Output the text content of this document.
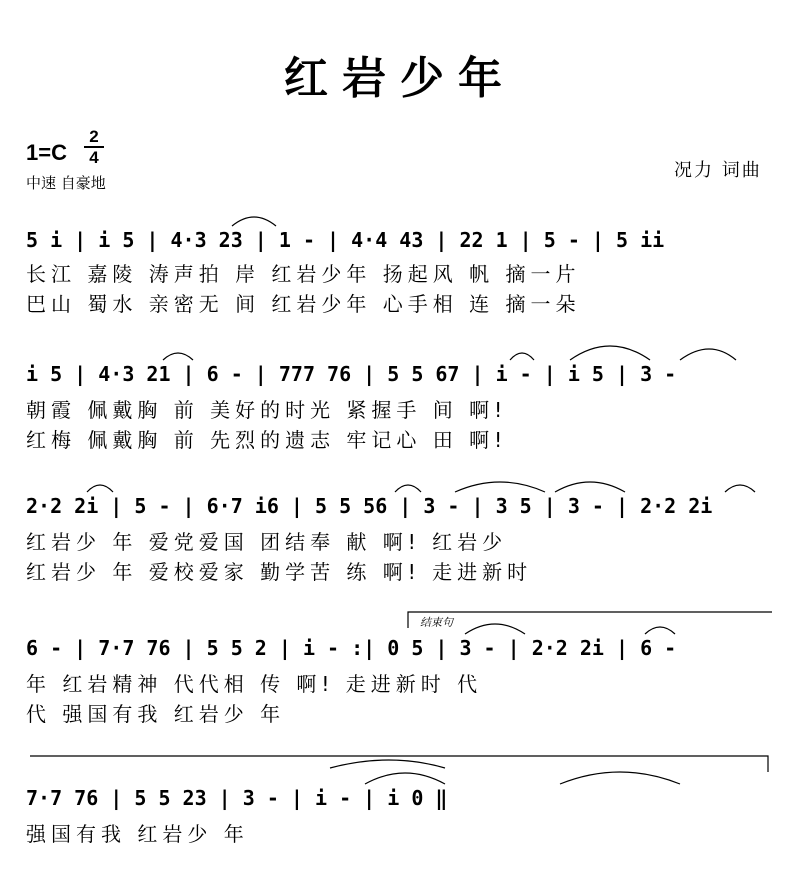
红岩少年
1=C
2
4
中速 自豪地
况力 词曲
5 i | i 5 | 4·3 23 | 1 - | 4·4 43 | 22 1 | 5 - | 5 ii
长江 嘉陵 涛声拍 岸 红岩少年 扬起风 帆 摘一片
巴山 蜀水 亲密无 间 红岩少年 心手相 连 摘一朵
i 5 | 4·3 21 | 6 - | 777 76 | 5 5 67 | i - | i 5 | 3 -
朝霞 佩戴胸 前 美好的时光 紧握手 间 啊!
红梅 佩戴胸 前 先烈的遗志 牢记心 田 啊!
2·2 2i | 5 - | 6·7 i6 | 5 5 56 | 3 - | 3 5 | 3 - | 2·2 2i
红岩少 年 爱党爱国 团结奉 献 啊! 红岩少
红岩少 年 爱校爱家 勤学苦 练 啊! 走进新时
6 - | 7·7 76 | 5 5 2 | i - :| 0 5 | 3 - | 2·2 2i | 6 -
年 红岩精神 代代相 传 啊! 走进新时 代
代 强国有我 红岩少 年
7·7 76 | 5 5 23 | 3 - | i - | i 0 ‖
强国有我 红岩少 年
结束句
